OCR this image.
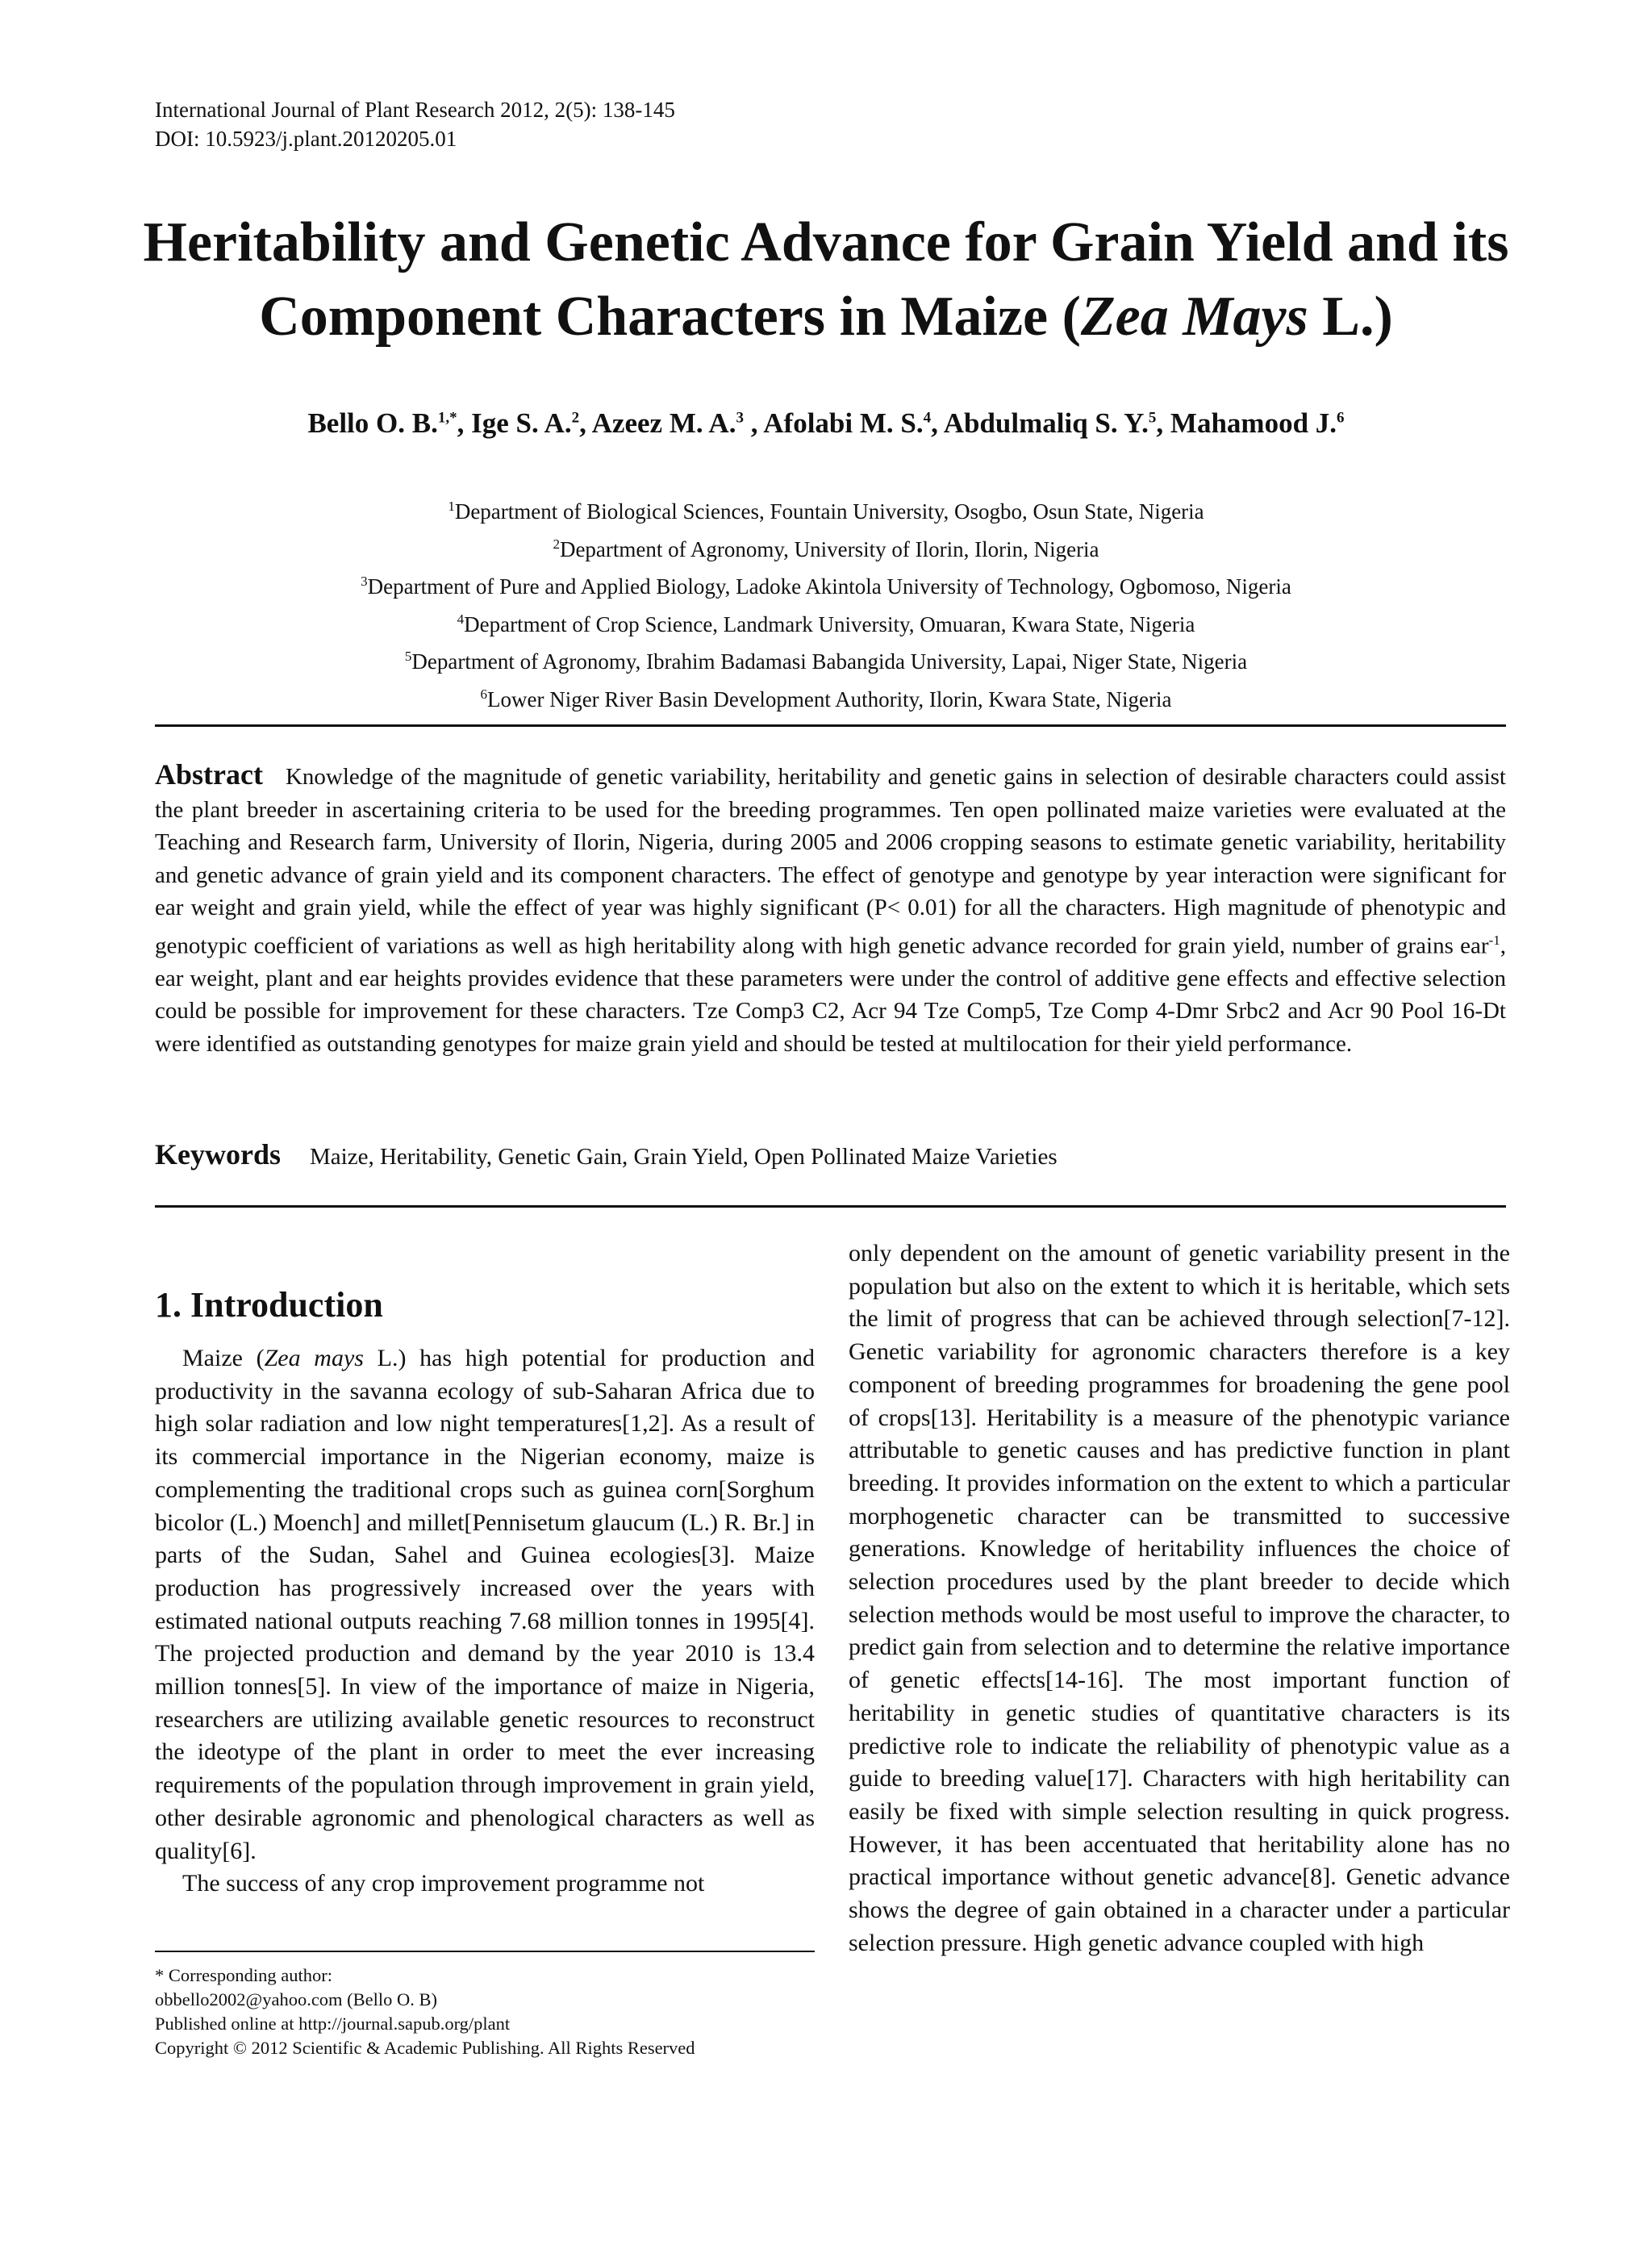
International Journal of Plant Research 2012, 2(5): 138-145
DOI: 10.5923/j.plant.20120205.01
Heritability and Genetic Advance for Grain Yield and its
Component Characters in Maize (Zea Mays L.)
Bello O. B.$^{1,*}$, Ige S. A.$^2$, Azeez M. A.$^3$ , Afolabi M. S.$^4$, Abdulmaliq S. Y.$^5$, Mahamood J.$^6$
$^1$Department of Biological Sciences, Fountain University, Osogbo, Osun State, Nigeria
$^2$Department of Agronomy, University of Ilorin, Ilorin, Nigeria
$^3$Department of Pure and Applied Biology, Ladoke Akintola University of Technology, Ogbomoso, Nigeria
$^4$Department of Crop Science, Landmark University, Omuaran, Kwara State, Nigeria
$^5$Department of Agronomy, Ibrahim Badamasi Babangida University, Lapai, Niger State, Nigeria
$^6$Lower Niger River Basin Development Authority, Ilorin, Kwara State, Nigeria
Abstract Knowledge of the magnitude of genetic variability, heritability and genetic gains in selection of desirable characters could assist the plant breeder in ascertaining criteria to be used for the breeding programmes. Ten open pollinated maize varieties were evaluated at the Teaching and Research farm, University of Ilorin, Nigeria, during 2005 and 2006 cropping seasons to estimate genetic variability, heritability and genetic advance of grain yield and its component characters. The effect of genotype and genotype by year interaction were significant for ear weight and grain yield, while the effect of year was highly significant (P< 0.01) for all the characters. High magnitude of phenotypic and genotypic coefficient of variations as well as high heritability along with high genetic advance recorded for grain yield, number of grains ear$^{-1}$, ear weight, plant and ear heights provides evidence that these parameters were under the control of additive gene effects and effective selection could be possible for improvement for these characters. Tze Comp3 C2, Acr 94 Tze Comp5, Tze Comp 4-Dmr Srbc2 and Acr 90 Pool 16-Dt were identified as outstanding genotypes for maize grain yield and should be tested at multilocation for their yield performance.
Keywords Maize, Heritability, Genetic Gain, Grain Yield, Open Pollinated Maize Varieties
1. Introduction

Maize (Zea mays L.) has high potential for production and productivity in the savanna ecology of sub-Saharan Africa due to high solar radiation and low night temperatures[1,2]. As a result of its commercial importance in the Nigerian economy, maize is complementing the traditional crops such as guinea corn[Sorghum bicolor (L.) Moench] and millet[Pennisetum glaucum (L.) R. Br.] in parts of the Sudan, Sahel and Guinea ecologies[3]. Maize production has progressively increased over the years with estimated national outputs reaching 7.68 million tonnes in 1995[4]. The projected production and demand by the year 2010 is 13.4 million tonnes[5]. In view of the importance of maize in Nigeria, researchers are utilizing available genetic resources to reconstruct the ideotype of the plant in order to meet the ever increasing requirements of the population through improvement in grain yield, other desirable agronomic and phenological characters as well as quality[6].

The success of any crop improvement programme not

only dependent on the amount of genetic variability present in the population but also on the extent to which it is heritable, which sets the limit of progress that can be achieved through selection[7-12]. Genetic variability for agronomic characters therefore is a key component of breeding programmes for broadening the gene pool of crops[13]. Heritability is a measure of the phenotypic variance attributable to genetic causes and has predictive function in plant breeding. It provides information on the extent to which a particular morphogenetic character can be transmitted to successive generations. Knowledge of heritability influences the choice of selection procedures used by the plant breeder to decide which selection methods would be most useful to improve the character, to predict gain from selection and to determine the relative importance of genetic effects[14-16]. The most important function of heritability in genetic studies of quantitative characters is its predictive role to indicate the reliability of phenotypic value as a guide to breeding value[17]. Characters with high heritability can easily be fixed with simple selection resulting in quick progress. However, it has been accentuated that heritability alone has no practical importance without genetic advance[8]. Genetic advance shows the degree of gain obtained in a character under a particular selection pressure. High genetic advance coupled with high

* Corresponding author:
obbello2002@yahoo.com (Bello O. B)
Published online at http://journal.sapub.org/plant
Copyright © 2012 Scientific & Academic Publishing. All Rights Reserved
